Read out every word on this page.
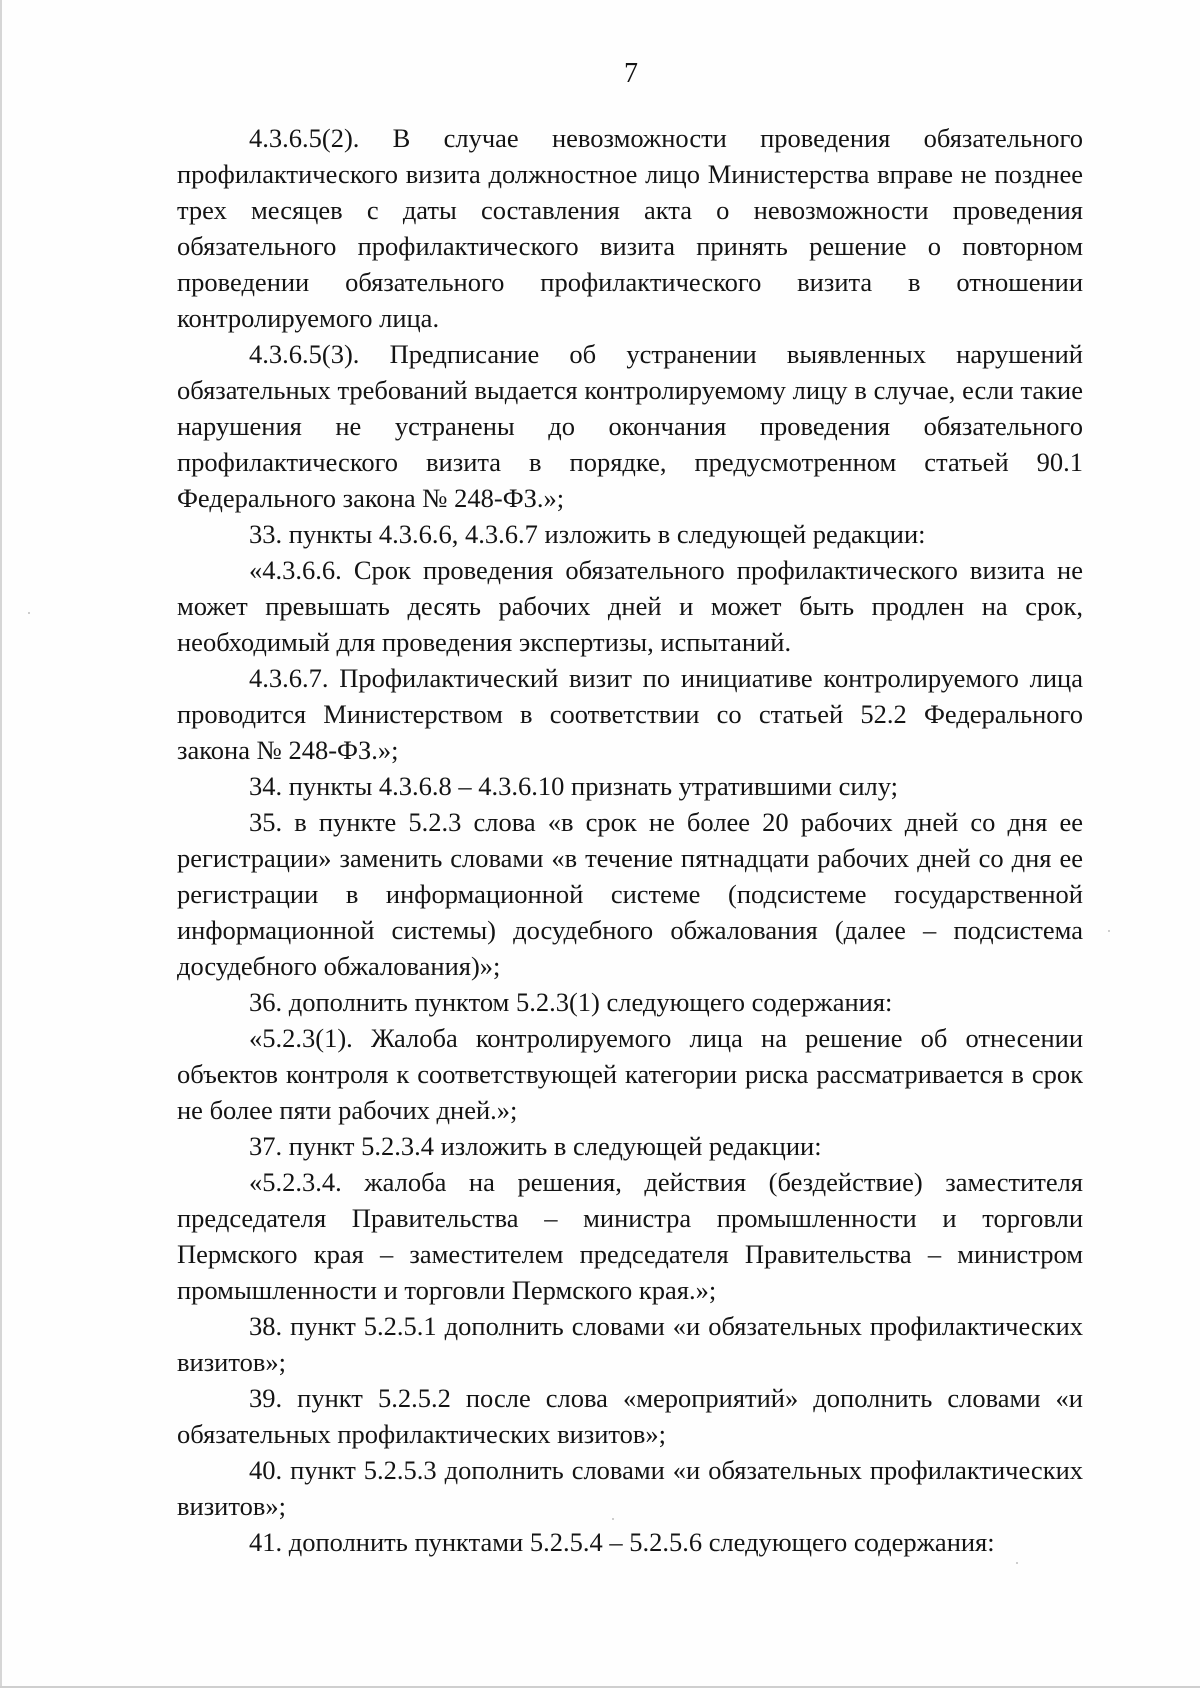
7

4.3.6.5(2). В случае невозможности проведения обязательного профилактического визита должностное лицо Министерства вправе не позднее трех месяцев с даты составления акта о невозможности проведения обязательного профилактического визита принять решение о повторном проведении обязательного профилактического визита в отношении контролируемого лица.

4.3.6.5(3). Предписание об устранении выявленных нарушений обязательных требований выдается контролируемому лицу в случае, если такие нарушения не устранены до окончания проведения обязательного профилактического визита в порядке, предусмотренном статьей 90.1 Федерального закона № 248-ФЗ.»;

33. пункты 4.3.6.6, 4.3.6.7 изложить в следующей редакции:

«4.3.6.6. Срок проведения обязательного профилактического визита не может превышать десять рабочих дней и может быть продлен на срок, необходимый для проведения экспертизы, испытаний.

4.3.6.7. Профилактический визит по инициативе контролируемого лица проводится Министерством в соответствии со статьей 52.2 Федерального закона № 248-ФЗ.»;

34. пункты 4.3.6.8 – 4.3.6.10 признать утратившими силу;

35. в пункте 5.2.3 слова «в срок не более 20 рабочих дней со дня ее регистрации» заменить словами «в течение пятнадцати рабочих дней со дня ее регистрации в информационной системе (подсистеме государственной информационной системы) досудебного обжалования (далее – подсистема досудебного обжалования)»;

36. дополнить пунктом 5.2.3(1) следующего содержания:

«5.2.3(1). Жалоба контролируемого лица на решение об отнесении объектов контроля к соответствующей категории риска рассматривается в срок не более пяти рабочих дней.»;

37. пункт 5.2.3.4 изложить в следующей редакции:

«5.2.3.4. жалоба на решения, действия (бездействие) заместителя председателя Правительства – министра промышленности и торговли Пермского края – заместителем председателя Правительства – министром промышленности и торговли Пермского края.»;

38. пункт 5.2.5.1 дополнить словами «и обязательных профилактических визитов»;

39. пункт 5.2.5.2 после слова «мероприятий» дополнить словами «и обязательных профилактических визитов»;

40. пункт 5.2.5.3 дополнить словами «и обязательных профилактических визитов»;

41. дополнить пунктами 5.2.5.4 – 5.2.5.6 следующего содержания:
